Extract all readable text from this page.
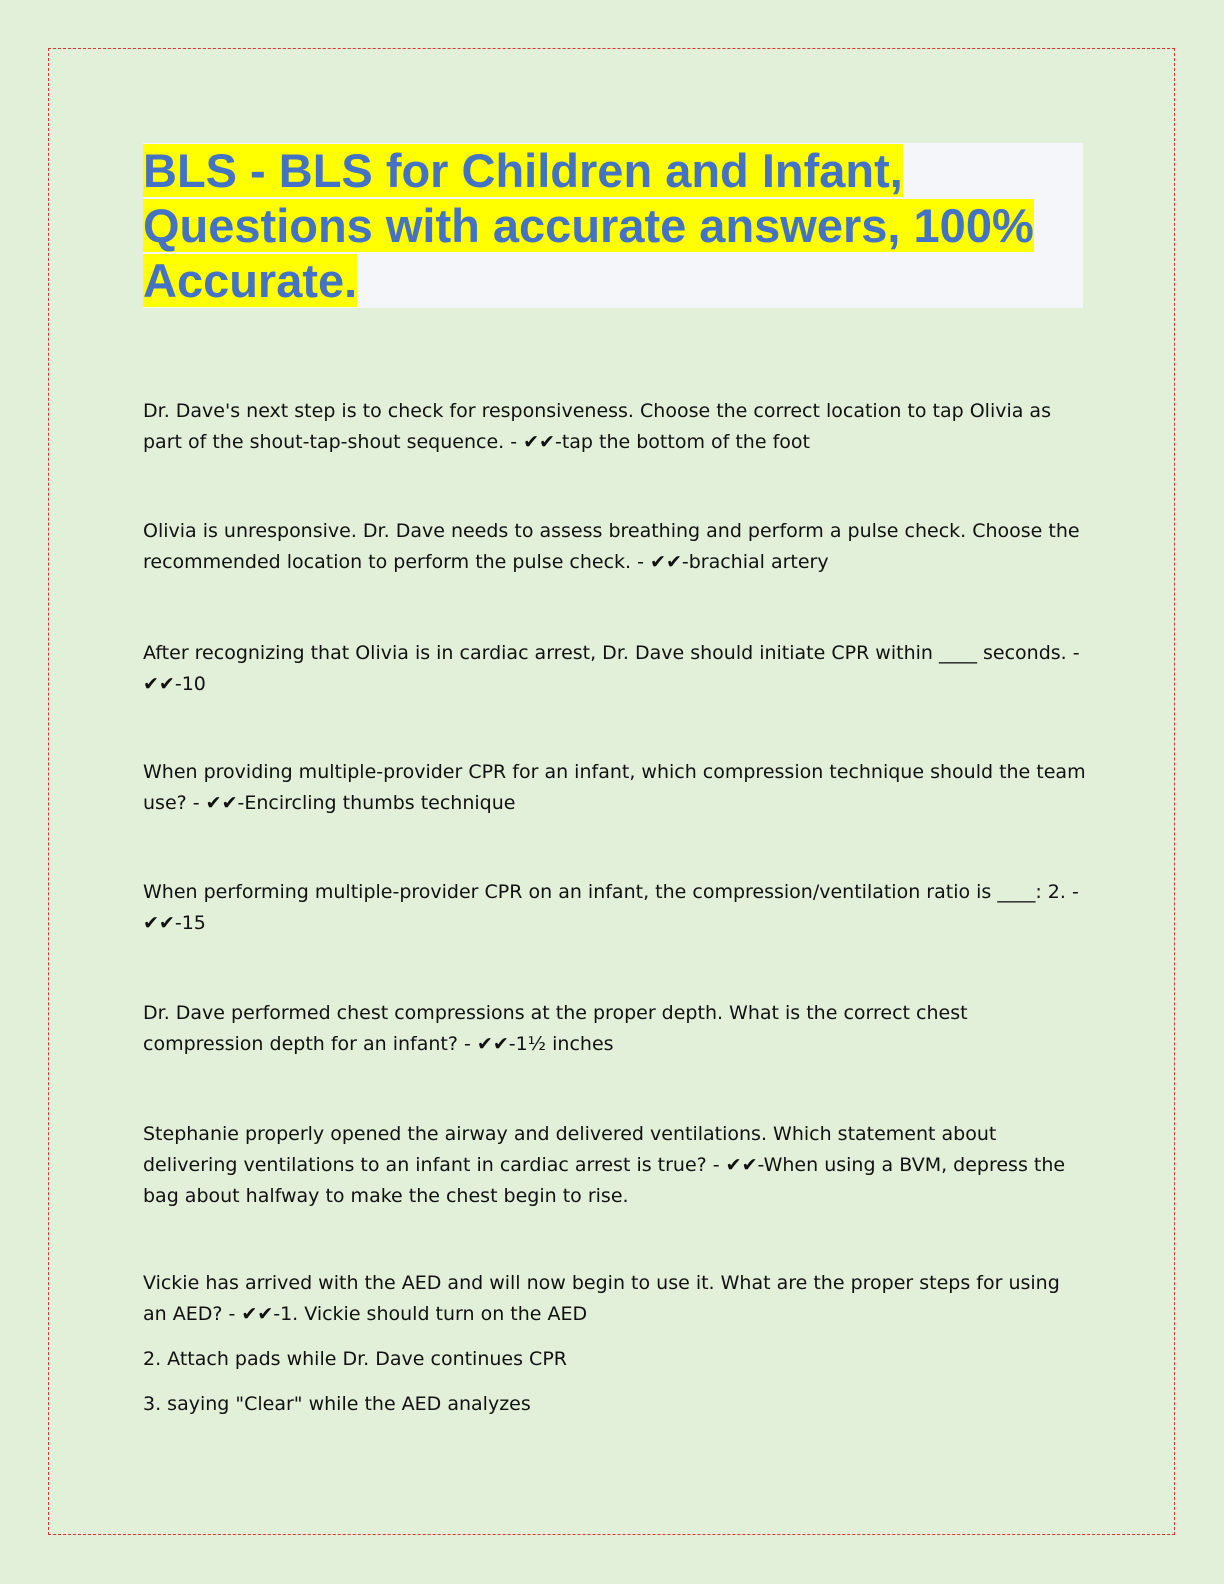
BLS - BLS for Children and Infant, Questions with accurate answers, 100% Accurate.

Dr. Dave's next step is to check for responsiveness. Choose the correct location to tap Olivia as part of the shout-tap-shout sequence. - ✔✔-tap the bottom of the foot

Olivia is unresponsive. Dr. Dave needs to assess breathing and perform a pulse check. Choose the recommended location to perform the pulse check. - ✔✔-brachial artery

After recognizing that Olivia is in cardiac arrest, Dr. Dave should initiate CPR within ____ seconds. - ✔✔-10

When providing multiple-provider CPR for an infant, which compression technique should the team use? - ✔✔-Encircling thumbs technique

When performing multiple-provider CPR on an infant, the compression/ventilation ratio is ____: 2. - ✔✔-15

Dr. Dave performed chest compressions at the proper depth. What is the correct chest compression depth for an infant? - ✔✔-1½ inches

Stephanie properly opened the airway and delivered ventilations. Which statement about delivering ventilations to an infant in cardiac arrest is true? - ✔✔-When using a BVM, depress the bag about halfway to make the chest begin to rise.

Vickie has arrived with the AED and will now begin to use it. What are the proper steps for using an AED? - ✔✔-1. Vickie should turn on the AED

2. Attach pads while Dr. Dave continues CPR

3. saying "Clear" while the AED analyzes
